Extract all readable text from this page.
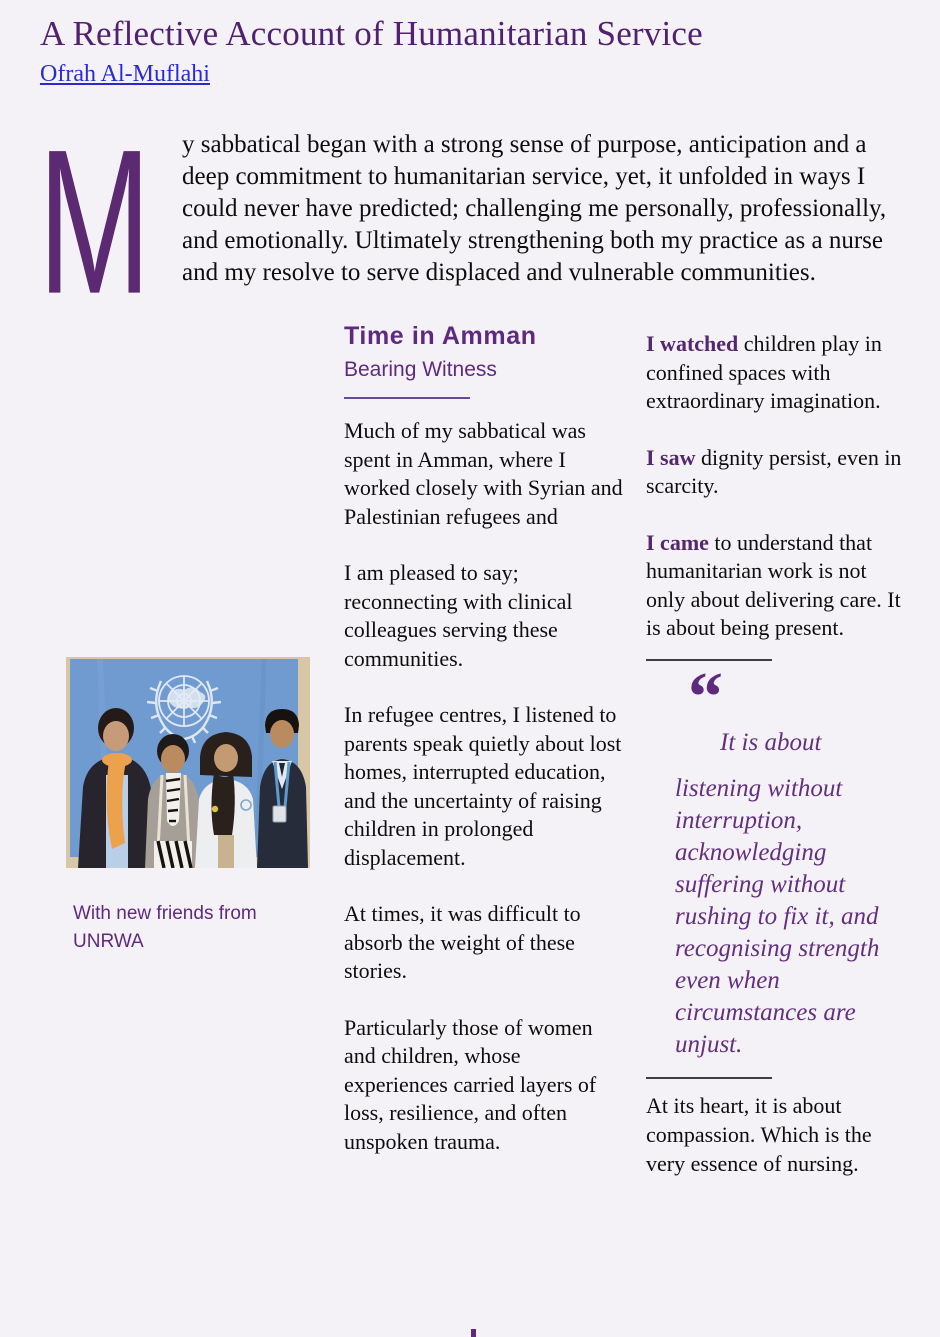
A Reflective Account of Humanitarian Service
Ofrah Al-Muflahi
M y sabbatical began with a strong sense of purpose, anticipation and a deep commitment to humanitarian service, yet, it unfolded in ways I could never have predicted; challenging me personally, professionally, and emotionally. Ultimately strengthening both my practice as a nurse and my resolve to serve displaced and vulnerable communities.
With new friends from UNRWA
Time in Amman
Bearing Witness

Much of my sabbatical was spent in Amman, where I worked closely with Syrian and Palestinian refugees and

I am pleased to say; reconnecting with clinical colleagues serving these communities.

In refugee centres, I listened to parents speak quietly about lost homes, interrupted education, and the uncertainty of raising children in prolonged displacement.

At times, it was difficult to absorb the weight of these stories.

Particularly those of women and children, whose experiences carried layers of loss, resilience, and often unspoken trauma.

I watched children play in confined spaces with extraordinary imagination.

I saw dignity persist, even in scarcity.

I came to understand that humanitarian work is not only about delivering care. It is about being present.

“
It is about
listening without interruption, acknowledging suffering without rushing to fix it, and recognising strength even when circumstances are unjust.

At its heart, it is about compassion. Which is the very essence of nursing.
